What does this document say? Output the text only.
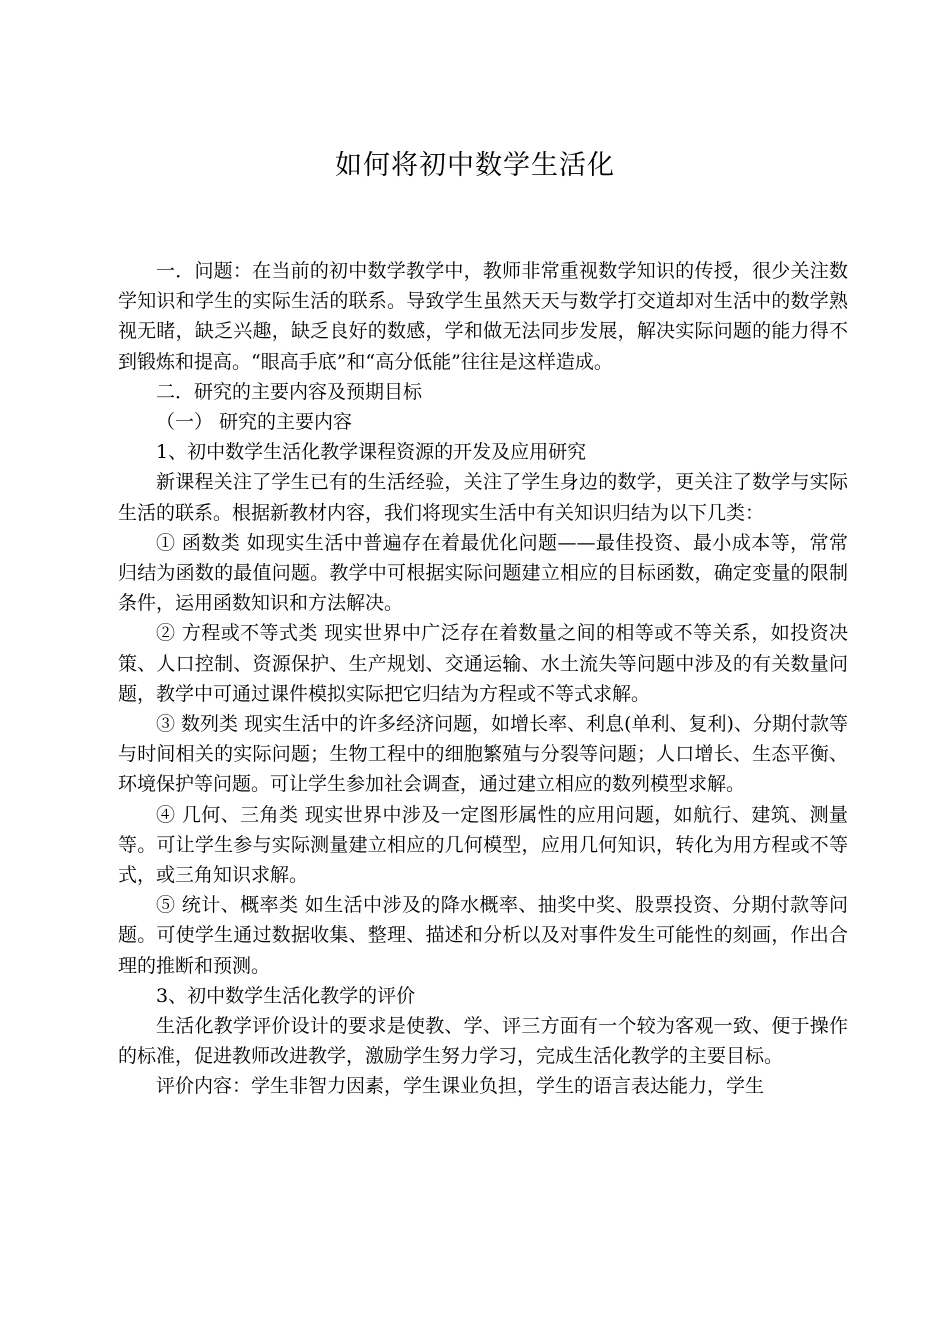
如何将初中数学生活化

一．问题：在当前的初中数学教学中，教师非常重视数学知识的传授，很少关注数学知识和学生的实际生活的联系。导致学生虽然天天与数学打交道却对生活中的数学熟视无睹，缺乏兴趣，缺乏良好的数感，学和做无法同步发展，解决实际问题的能力得不到锻炼和提高。“眼高手底”和“高分低能”往往是这样造成。

二．研究的主要内容及预期目标

（一） 研究的主要内容

1、初中数学生活化教学课程资源的开发及应用研究

新课程关注了学生已有的生活经验，关注了学生身边的数学，更关注了数学与实际生活的联系。根据新教材内容，我们将现实生活中有关知识归结为以下几类：

① 函数类 如现实生活中普遍存在着最优化问题——最佳投资、最小成本等，常常归结为函数的最值问题。教学中可根据实际问题建立相应的目标函数，确定变量的限制条件，运用函数知识和方法解决。

② 方程或不等式类 现实世界中广泛存在着数量之间的相等或不等关系，如投资决策、人口控制、资源保护、生产规划、交通运输、水土流失等问题中涉及的有关数量问题，教学中可通过课件模拟实际把它归结为方程或不等式求解。

③ 数列类 现实生活中的许多经济问题，如增长率、利息(单利、复利)、分期付款等与时间相关的实际问题；生物工程中的细胞繁殖与分裂等问题；人口增长、生态平衡、环境保护等问题。可让学生参加社会调查，通过建立相应的数列模型求解。

④ 几何、三角类 现实世界中涉及一定图形属性的应用问题，如航行、建筑、测量等。可让学生参与实际测量建立相应的几何模型，应用几何知识，转化为用方程或不等式，或三角知识求解。

⑤ 统计、概率类 如生活中涉及的降水概率、抽奖中奖、股票投资、分期付款等问题。可使学生通过数据收集、整理、描述和分析以及对事件发生可能性的刻画，作出合理的推断和预测。

3、初中数学生活化教学的评价

生活化教学评价设计的要求是使教、学、评三方面有一个较为客观一致、便于操作的标准，促进教师改进教学，激励学生努力学习，完成生活化教学的主要目标。

评价内容：学生非智力因素，学生课业负担，学生的语言表达能力，学生
